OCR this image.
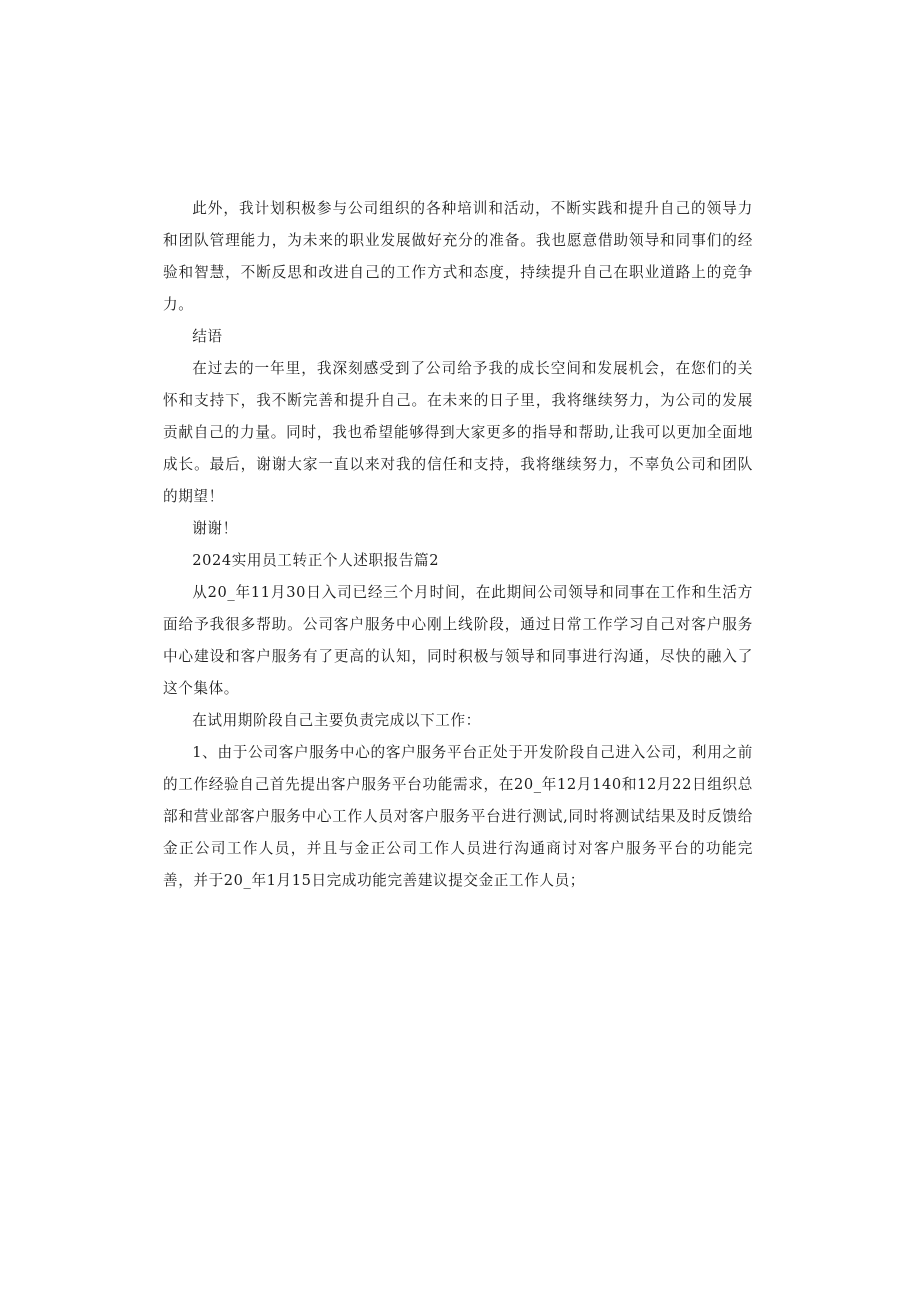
此外，我计划积极参与公司组织的各种培训和活动，不断实践和提升自己的领导力和团队管理能力，为未来的职业发展做好充分的准备。我也愿意借助领导和同事们的经验和智慧，不断反思和改进自己的工作方式和态度，持续提升自己在职业道路上的竞争力。

结语

在过去的一年里，我深刻感受到了公司给予我的成长空间和发展机会，在您们的关怀和支持下，我不断完善和提升自己。在未来的日子里，我将继续努力，为公司的发展贡献自己的力量。同时，我也希望能够得到大家更多的指导和帮助,让我可以更加全面地成长。最后，谢谢大家一直以来对我的信任和支持，我将继续努力，不辜负公司和团队的期望！

谢谢！

2024实用员工转正个人述职报告篇2

从20_年11月30日入司已经三个月时间，在此期间公司领导和同事在工作和生活方面给予我很多帮助。公司客户服务中心刚上线阶段，通过日常工作学习自己对客户服务中心建设和客户服务有了更高的认知，同时积极与领导和同事进行沟通，尽快的融入了这个集体。

在试用期阶段自己主要负责完成以下工作：

1、由于公司客户服务中心的客户服务平台正处于开发阶段自己进入公司，利用之前的工作经验自己首先提出客户服务平台功能需求，在20_年12月140和12月22日组织总部和营业部客户服务中心工作人员对客户服务平台进行测试,同时将测试结果及时反馈给金正公司工作人员，并且与金正公司工作人员进行沟通商讨对客户服务平台的功能完善，并于20_年1月15日完成功能完善建议提交金正工作人员；
